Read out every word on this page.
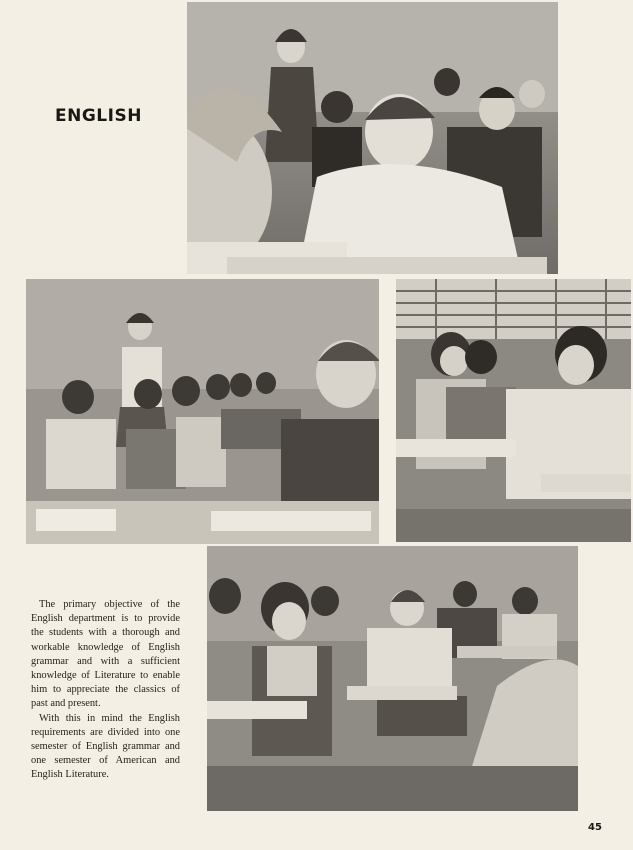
ENGLISH

The primary objective of the English department is to provide the students with a thorough and workable knowledge of English grammar and with a sufficient knowledge of Literature to enable him to appreciate the classics of past and present.

With this in mind the English requirements are divided into one semester of English grammar and one semester of American and English Literature.

45
